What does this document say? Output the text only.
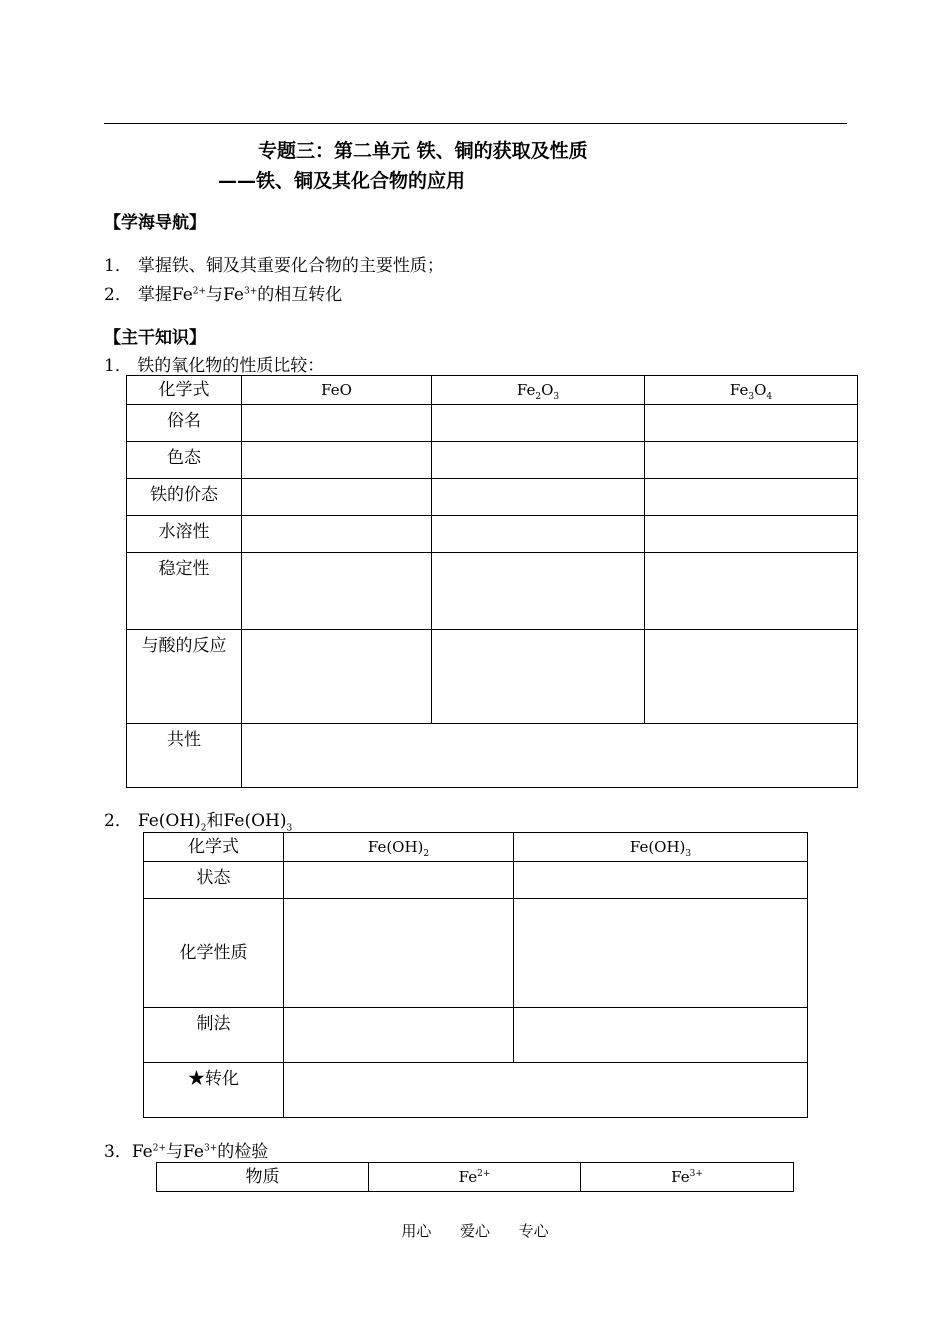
专题三：第二单元 铁、铜的获取及性质
——铁、铜及其化合物的应用
【学海导航】
1． 掌握铁、铜及其重要化合物的主要性质；
2． 掌握$Fe^{2+}$与$Fe^{3+}$的相互转化
【主干知识】
1． 铁的氧化物的性质比较：
化学式	FeO	$Fe_2O_3$	$Fe_3O_4$
俗名			
色态			
铁的价态			
水溶性			
稳定性			
与酸的反应			
共性			
2． $Fe(OH)_2$和$Fe(OH)_3$
化学式	$Fe(OH)_2$	$Fe(OH)_3$
状态		
化学性质		
制法		
★转化		
3．$Fe^{2+}$与$Fe^{3+}$的检验
物质	$Fe^{2+}$	$Fe^{3+}$
用心      爱心      专心
